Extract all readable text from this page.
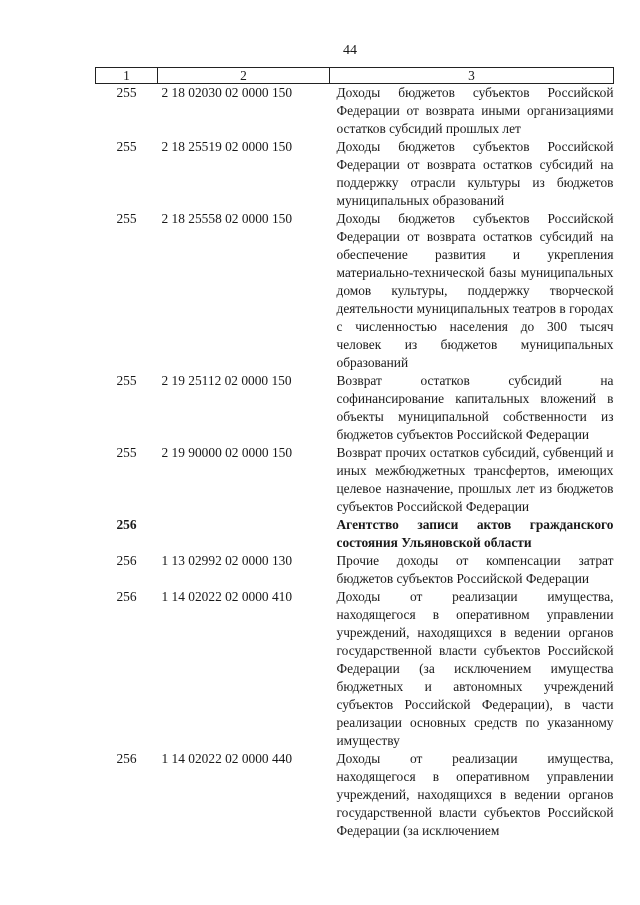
44
1	2	3
255	2 18 02030 02 0000 150	Доходы бюджетов субъектов Российской Федерации от возврата иными организациями остатков субсидий прошлых лет
255	2 18 25519 02 0000 150	Доходы бюджетов субъектов Российской Федерации от возврата остатков субсидий на поддержку отрасли культуры из бюджетов муниципальных образований
255	2 18 25558 02 0000 150	Доходы бюджетов субъектов Российской Федерации от возврата остатков субсидий на обеспечение развития и укрепления материально-технической базы муниципальных домов культуры, поддержку творческой деятельности муниципальных театров в городах с численностью населения до 300 тысяч человек из бюджетов муниципальных образований
255	2 19 25112 02 0000 150	Возврат остатков субсидий на софинансирование капитальных вложений в объекты муниципальной собственности из бюджетов субъектов Российской Федерации
255	2 19 90000 02 0000 150	Возврат прочих остатков субсидий, субвенций и иных межбюджетных трансфертов, имеющих целевое назначение, прошлых лет из бюджетов субъектов Российской Федерации
256		Агентство записи актов гражданского состояния Ульяновской области
256	1 13 02992 02 0000 130	Прочие доходы от компенсации затрат бюджетов субъектов Российской Федерации
256	1 14 02022 02 0000 410	Доходы от реализации имущества, находящегося в оперативном управлении учреждений, находящихся в ведении органов государственной власти субъектов Российской Федерации (за исключением имущества бюджетных и автономных учреждений субъектов Российской Федерации), в части реализации основных средств по указанному имуществу
256	1 14 02022 02 0000 440	Доходы от реализации имущества, находящегося в оперативном управлении учреждений, находящихся в ведении органов государственной власти субъектов Российской Федерации (за исключением
